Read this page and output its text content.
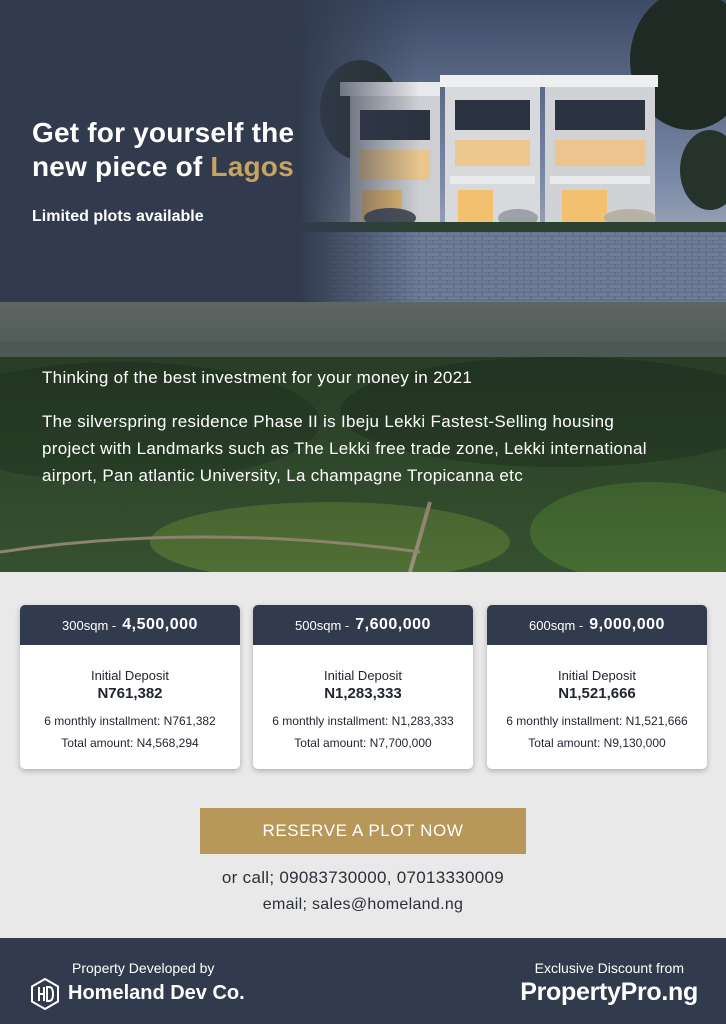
Get for yourself the
new piece of Lagos
Limited plots available

Thinking of the best investment for your money in 2021

The silverspring residence Phase II is Ibeju Lekki Fastest-Selling housing project with Landmarks such as The Lekki free trade zone, Lekki international airport, Pan atlantic University, La champagne Tropicanna etc

300sqm - 4,500,000
Initial Deposit
N761,382
6 monthly installment: N761,382
Total amount: N4,568,294
500sqm - 7,600,000
Initial Deposit
N1,283,333
6 monthly installment: N1,283,333
Total amount: N7,700,000
600sqm - 9,000,000
Initial Deposit
N1,521,666
6 monthly installment: N1,521,666
Total amount: N9,130,000
RESERVE A PLOT NOW
or call; 09083730000, 07013330009
email; sales@homeland.ng
Property Developed by
Homeland Dev Co.
Exclusive Discount from
PropertyPro.ng
